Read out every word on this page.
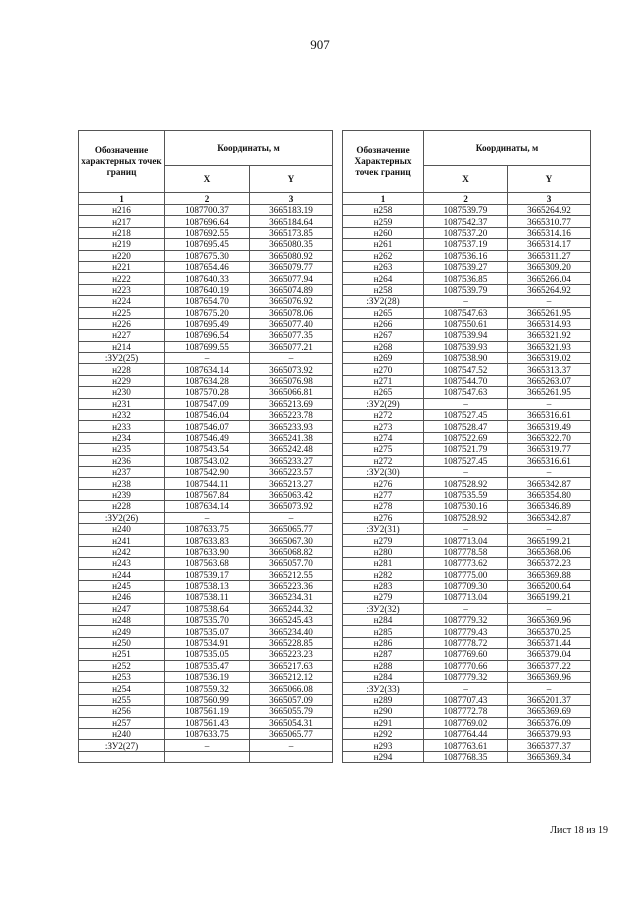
907
Обозначение характерных точек границ	Координаты, м	
	X	Y
1	2	3
н216	1087700.37	3665183.19
н217	1087696.64	3665184.64
н218	1087692.55	3665173.85
н219	1087695.45	3665080.35
н220	1087675.30	3665080.92
н221	1087654.46	3665079.77
н222	1087640.33	3665077.94
н223	1087640.19	3665074.89
н224	1087654.70	3665076.92
н225	1087675.20	3665078.06
н226	1087695.49	3665077.40
н227	1087696.54	3665077.35
н214	1087699.55	3665077.21
:ЗУ2(25)	–	–
н228	1087634.14	3665073.92
н229	1087634.28	3665076.98
н230	1087570.28	3665066.81
н231	1087547.09	3665213.69
н232	1087546.04	3665223.78
н233	1087546.07	3665233.93
н234	1087546.49	3665241.38
н235	1087543.54	3665242.48
н236	1087543.02	3665233.27
н237	1087542.90	3665223.57
н238	1087544.11	3665213.27
н239	1087567.84	3665063.42
н228	1087634.14	3665073.92
:ЗУ2(26)	–	–
н240	1087633.75	3665065.77
н241	1087633.83	3665067.30
н242	1087633.90	3665068.82
н243	1087563.68	3665057.70
н244	1087539.17	3665212.55
н245	1087538.13	3665223.36
н246	1087538.11	3665234.31
н247	1087538.64	3665244.32
н248	1087535.70	3665245.43
н249	1087535.07	3665234.40
н250	1087534.91	3665228.85
н251	1087535.05	3665223.23
н252	1087535.47	3665217.63
н253	1087536.19	3665212.12
н254	1087559.32	3665066.08
н255	1087560.99	3665057.09
н256	1087561.19	3665055.79
н257	1087561.43	3665054.31
н240	1087633.75	3665065.77
:ЗУ2(27)	–	–

Обозначение Характерных точек границ	Координаты, м	
	X	Y
1	2	3
н258	1087539.79	3665264.92
н259	1087542.37	3665310.77
н260	1087537.20	3665314.16
н261	1087537.19	3665314.17
н262	1087536.16	3665311.27
н263	1087539.27	3665309.20
н264	1087536.85	3665266.04
н258	1087539.79	3665264.92
:ЗУ2(28)	–	–
н265	1087547.63	3665261.95
н266	1087550.61	3665314.93
н267	1087539.94	3665321.92
н268	1087539.93	3665321.93
н269	1087538.90	3665319.02
н270	1087547.52	3665313.37
н271	1087544.70	3665263.07
н265	1087547.63	3665261.95
:ЗУ2(29)	–	–
н272	1087527.45	3665316.61
н273	1087528.47	3665319.49
н274	1087522.69	3665322.70
н275	1087521.79	3665319.77
н272	1087527.45	3665316.61
:ЗУ2(30)	–	–
н276	1087528.92	3665342.87
н277	1087535.59	3665354.80
н278	1087530.16	3665346.89
н276	1087528.92	3665342.87
:ЗУ2(31)	–	–
н279	1087713.04	3665199.21
н280	1087778.58	3665368.06
н281	1087773.62	3665372.23
н282	1087775.00	3665369.88
н283	1087709.30	3665200.64
н279	1087713.04	3665199.21
:ЗУ2(32)	–	–
н284	1087779.32	3665369.96
н285	1087779.43	3665370.25
н286	1087778.72	3665371.44
н287	1087769.60	3665379.04
н288	1087770.66	3665377.22
н284	1087779.32	3665369.96
:ЗУ2(33)	–	–
н289	1087707.43	3665201.37
н290	1087772.78	3665369.69
н291	1087769.02	3665376.09
н292	1087764.44	3665379.93
н293	1087763.61	3665377.37
н294	1087768.35	3665369.34
Лист 18 из 19
